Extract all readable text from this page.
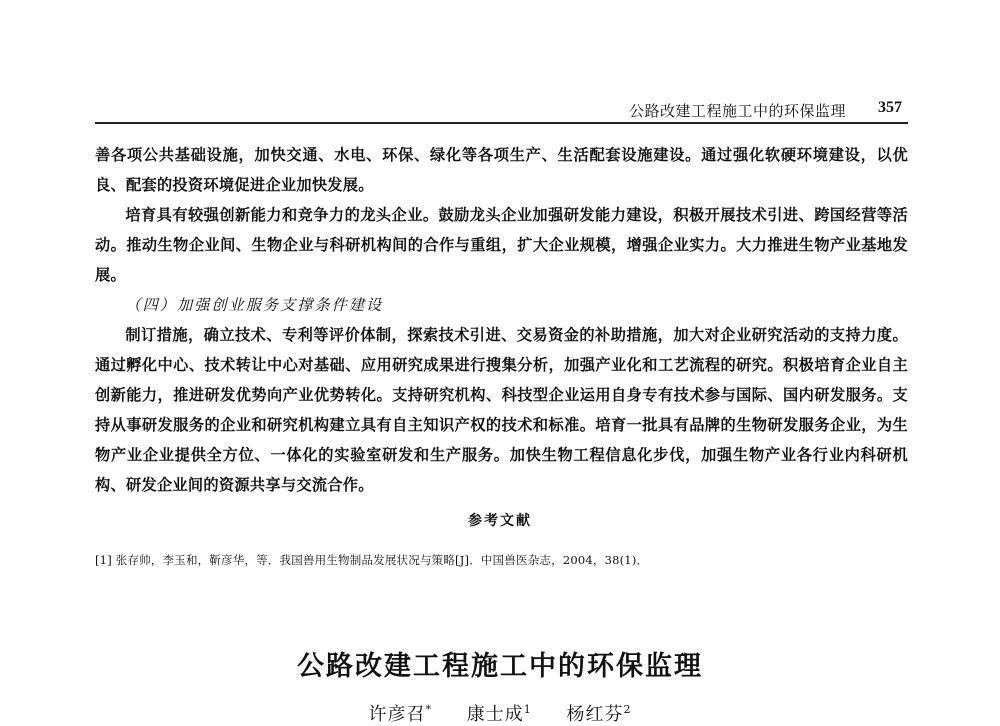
公路改建工程施工中的环保监理 357

善各项公共基础设施，加快交通、水电、环保、绿化等各项生产、生活配套设施建设。通过强化软硬环境建设，以优良、配套的投资环境促进企业加快发展。

培育具有较强创新能力和竞争力的龙头企业。鼓励龙头企业加强研发能力建设，积极开展技术引进、跨国经营等活动。推动生物企业间、生物企业与科研机构间的合作与重组，扩大企业规模，增强企业实力。大力推进生物产业基地发展。

（四）加强创业服务支撑条件建设

制订措施，确立技术、专利等评价体制，探索技术引进、交易资金的补助措施，加大对企业研究活动的支持力度。通过孵化中心、技术转让中心对基础、应用研究成果进行搜集分析，加强产业化和工艺流程的研究。积极培育企业自主创新能力，推进研发优势向产业优势转化。支持研究机构、科技型企业运用自身专有技术参与国际、国内研发服务。支持从事研发服务的企业和研究机构建立具有自主知识产权的技术和标准。培育一批具有品牌的生物研发服务企业，为生物产业企业提供全方位、一体化的实验室研发和生产服务。加快生物工程信息化步伐，加强生物产业各行业内科研机构、研发企业间的资源共享与交流合作。

参考文献
[1] 张存帅，李玉和，靳彦华，等．我国兽用生物制品发展状况与策略[J]．中国兽医杂志，2004，38(1)．
公路改建工程施工中的环保监理
许彦召* 康士成$^1$ 杨红芬$^2$
